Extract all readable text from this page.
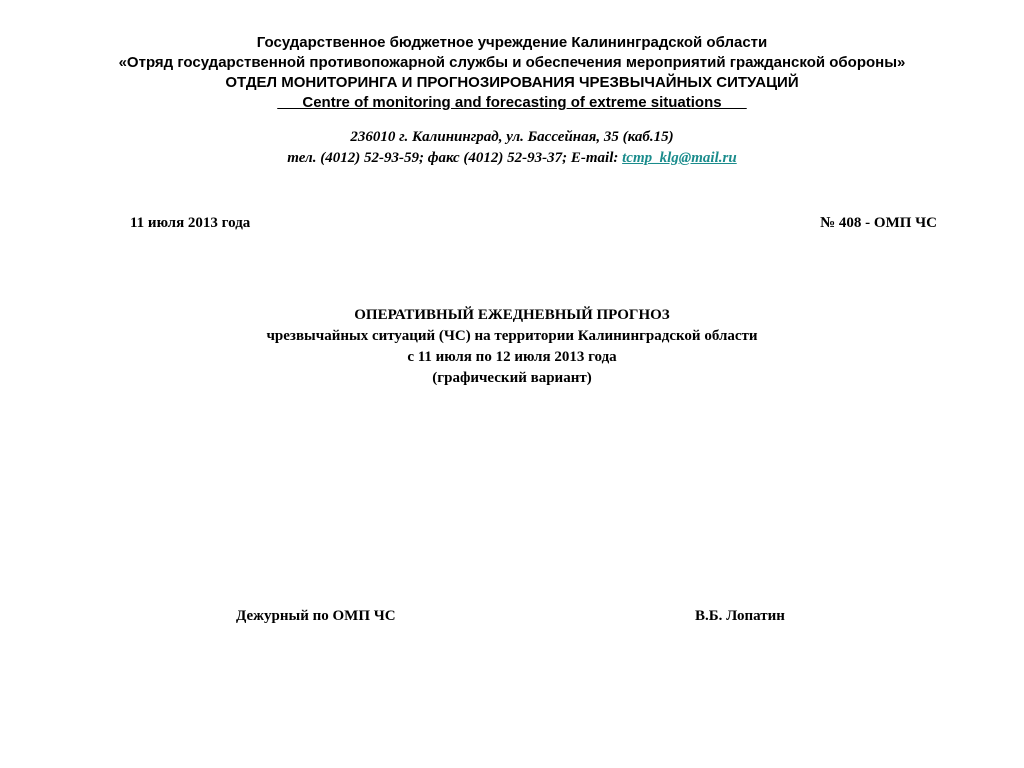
Государственное бюджетное учреждение Калининградской области
«Отряд государственной противопожарной службы и обеспечения мероприятий гражданской обороны»
ОТДЕЛ МОНИТОРИНГА И ПРОГНОЗИРОВАНИЯ ЧРЕЗВЫЧАЙНЫХ СИТУАЦИЙ
___Centre of monitoring and forecasting of extreme situations___
236010 г. Калининград, ул. Бассейная, 35 (каб.15)
тел. (4012) 52-93-59; факс (4012) 52-93-37; E-mail: tcmp_klg@mail.ru
11 июля 2013 года	№ 408 - ОМП ЧС
ОПЕРАТИВНЫЙ ЕЖЕДНЕВНЫЙ ПРОГНОЗ
чрезвычайных ситуаций (ЧС) на территории Калининградской области
с 11 июля по 12 июля 2013 года
(графический вариант)
Дежурный по ОМП ЧС	В.Б. Лопатин
